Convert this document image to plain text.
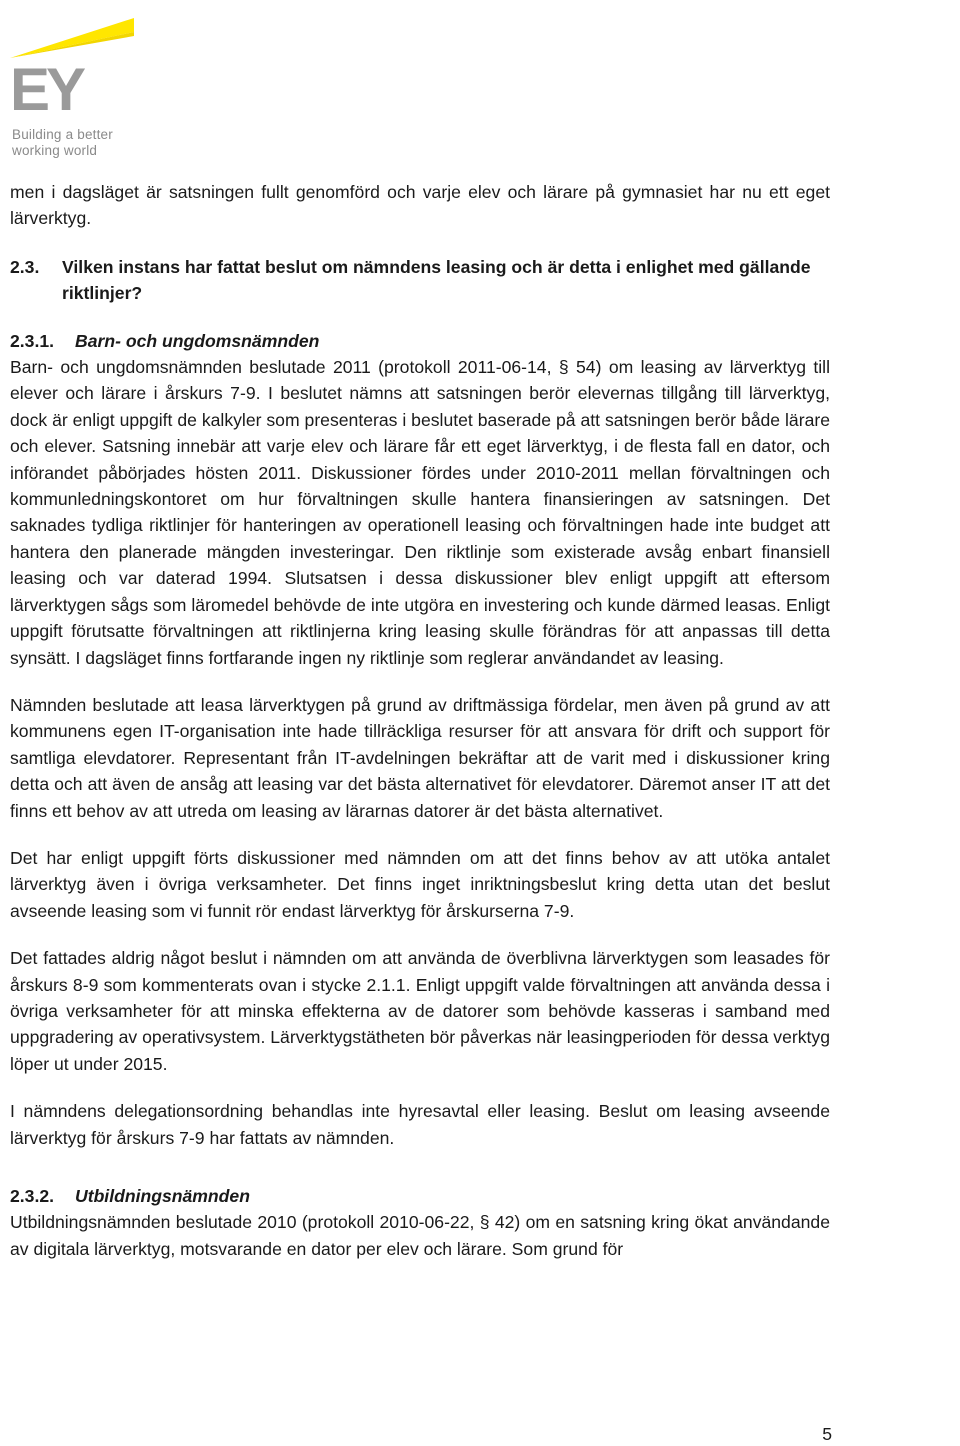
EY
Building a better
working world

men i dagsläget är satsningen fullt genomförd och varje elev och lärare på gymnasiet har nu ett eget lärverktyg.

2.3.	Vilken instans har fattat beslut om nämndens leasing och är detta i enlighet med gällande riktlinjer?
2.3.1.	Barn- och ungdomsnämnden

Barn- och ungdomsnämnden beslutade 2011 (protokoll 2011-06-14, § 54) om leasing av lärverktyg till elever och lärare i årskurs 7-9. I beslutet nämns att satsningen berör elevernas tillgång till lärverktyg, dock är enligt uppgift de kalkyler som presenteras i beslutet baserade på att satsningen berör både lärare och elever. Satsning innebär att varje elev och lärare får ett eget lärverktyg, i de flesta fall en dator, och införandet påbörjades hösten 2011. Diskussioner fördes under 2010-2011 mellan förvaltningen och kommunledningskontoret om hur förvaltningen skulle hantera finansieringen av satsningen. Det saknades tydliga riktlinjer för hanteringen av operationell leasing och förvaltningen hade inte budget att hantera den planerade mängden investeringar. Den riktlinje som existerade avsåg enbart finansiell leasing och var daterad 1994. Slutsatsen i dessa diskussioner blev enligt uppgift att eftersom lärverktygen sågs som läromedel behövde de inte utgöra en investering och kunde därmed leasas. Enligt uppgift förutsatte förvaltningen att riktlinjerna kring leasing skulle förändras för att anpassas till detta synsätt. I dagsläget finns fortfarande ingen ny riktlinje som reglerar användandet av leasing.

Nämnden beslutade att leasa lärverktygen på grund av driftmässiga fördelar, men även på grund av att kommunens egen IT-organisation inte hade tillräckliga resurser för att ansvara för drift och support för samtliga elevdatorer. Representant från IT-avdelningen bekräftar att de varit med i diskussioner kring detta och att även de ansåg att leasing var det bästa alternativet för elevdatorer. Däremot anser IT att det finns ett behov av att utreda om leasing av lärarnas datorer är det bästa alternativet.

Det har enligt uppgift förts diskussioner med nämnden om att det finns behov av att utöka antalet lärverktyg även i övriga verksamheter. Det finns inget inriktningsbeslut kring detta utan det beslut avseende leasing som vi funnit rör endast lärverktyg för årskurserna 7-9.

Det fattades aldrig något beslut i nämnden om att använda de överblivna lärverktygen som leasades för årskurs 8-9 som kommenterats ovan i stycke 2.1.1. Enligt uppgift valde förvaltningen att använda dessa i övriga verksamheter för att minska effekterna av de datorer som behövde kasseras i samband med uppgradering av operativsystem. Lärverktygstätheten bör påverkas när leasingperioden för dessa verktyg löper ut under 2015.

I nämndens delegationsordning behandlas inte hyresavtal eller leasing. Beslut om leasing avseende lärverktyg för årskurs 7-9 har fattats av nämnden.

2.3.2.	Utbildningsnämnden

Utbildningsnämnden beslutade 2010 (protokoll 2010-06-22, § 42) om en satsning kring ökat användande av digitala lärverktyg, motsvarande en dator per elev och lärare. Som grund för

5
